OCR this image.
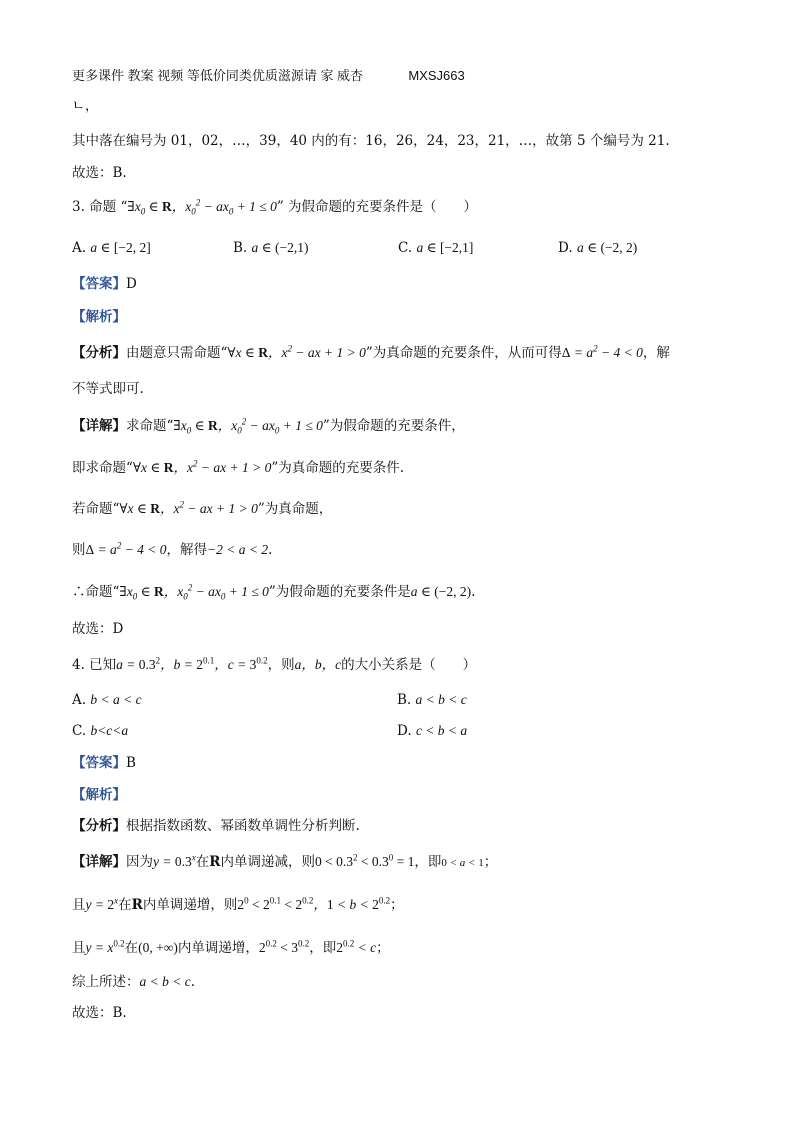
更多课件 教案 视频 等低价同类优质滋源请 家 威杏	MXSJ663
ㄴ，
其中落在编号为 01，02，…，39，40 内的有：16，26，24，23，21，…，故第 5 个编号为 21.
故选：B.
3. 命题 “$\exists x_0$ ∈ R，$x_0^2 - ax_0 + 1 \le 0$” 为假命题的充要条件是（　　）
A. a ∈ [−2, 2]	B. a ∈ (−2,1)	C. a ∈ [−2,1]	D. a ∈ (−2, 2)
【答案】D
【解析】
【分析】由题意只需命题“∀x ∈ R，$x^2$ − ax + 1 > 0”为真命题的充要条件，从而可得$\Delta = a^2 - 4 < 0$，解
不等式即可.
【详解】求命题“$\exists x_0$ ∈ R，$x_0^2 - ax_0 + 1 \le 0$”为假命题的充要条件，
即求命题“∀x ∈ R，$x^2$ − ax + 1 > 0”为真命题的充要条件.
若命题“∀x ∈ R，$x^2$ − ax + 1 > 0”为真命题，
则$\Delta = a^2 - 4 < 0$，解得−2 < a < 2.
∴命题“$\exists x_0$ ∈ R，$x_0^2 - ax_0 + 1 \le 0$”为假命题的充要条件是a ∈ (−2, 2).
故选：D
4. 已知$a = 0.3^2$，$b = 2^{0.1}$，$c = 3^{0.2}$，则a，b，c的大小关系是（　　）
A. b < a < c	B. a < b < c
C. b<c<a	D. c < b < a
【答案】B
【解析】
【分析】根据指数函数、幂函数单调性分析判断.
【详解】因为$y = 0.3^x$在R内单调递减，则$0 < 0.3^2 < 0.3^0 = 1$，即0 < a < 1；
且$y = 2^x$在R内单调递增，则$2^0 < 2^{0.1} < 2^{0.2}$，$1 < b < 2^{0.2}$；
且$y = x^{0.2}$在(0, +∞)内单调递增，$2^{0.2} < 3^{0.2}$，即$2^{0.2} < c$；
综上所述：a < b < c.
故选：B.
